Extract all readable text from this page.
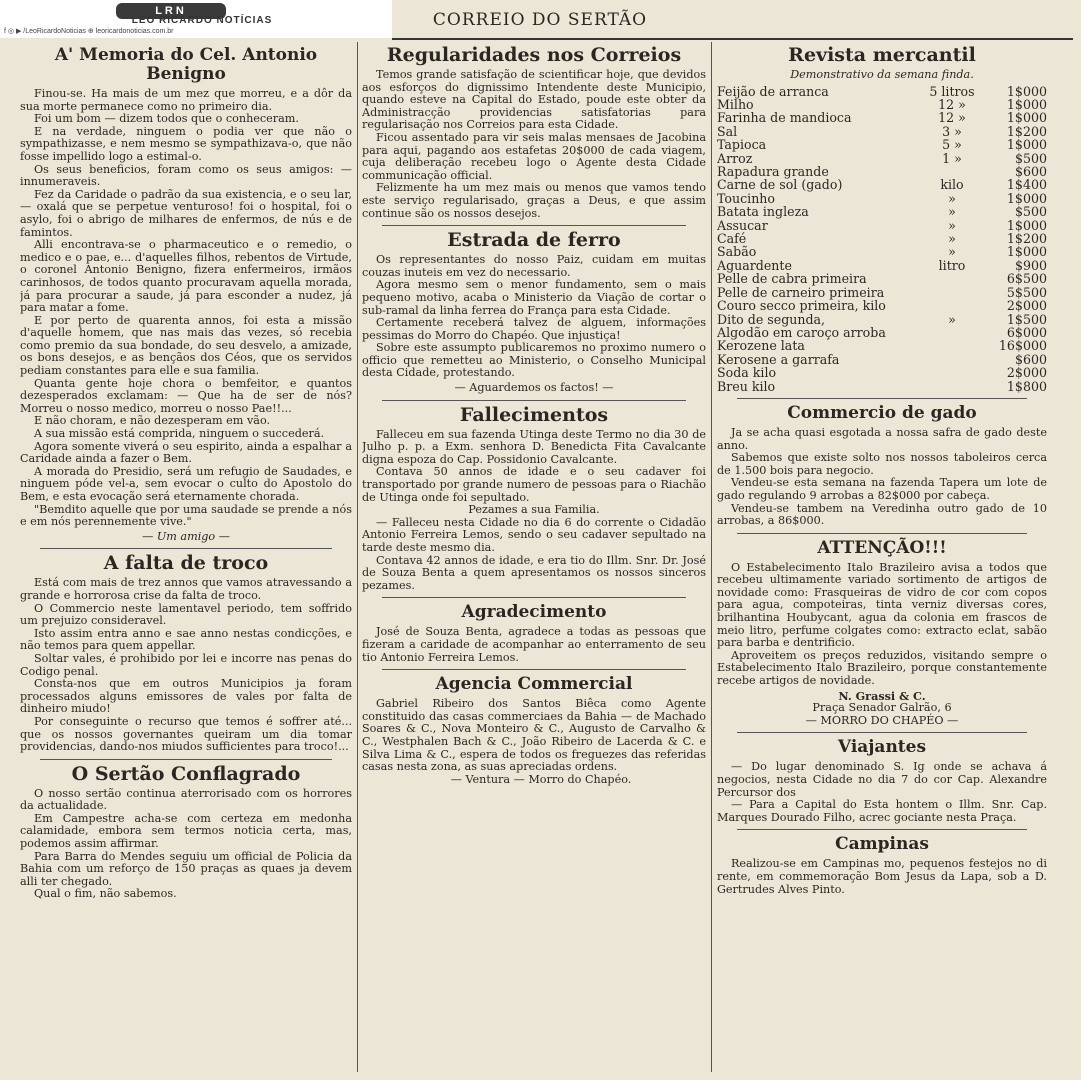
LRN
LÉO RICARDO NOTÍCIAS
f ◎ ▶ /LeoRicardoNoticias ⊕ leoricardonoticias.com.br
CORREIO DO SERTÃO
A' Memoria do Cel. Antonio Benigno

Finou-se. Ha mais de um mez que morreu, e a dôr da sua morte permanece como no primeiro dia.

Foi um bom — dizem todos que o conheceram.

E na verdade, ninguem o podia ver que não o sympathizasse, e nem mesmo se sympathizava-o, que não fosse impellido logo a estimal-o.

Os seus beneficios, foram como os seus amigos: — innumeraveis.

Fez da Caridade o padrão da sua existencia, e o seu lar, — oxalá que se perpetue venturoso! foi o hospital, foi o asylo, foi o abrigo de milhares de enfermos, de nús e de famintos.

Alli encontrava-se o pharmaceutico e o remedio, o medico e o pae, e... d'aquelles filhos, rebentos de Virtude, o coronel Antonio Benigno, fizera enfermeiros, irmãos carinhosos, de todos quanto procuravam aquella morada, já para procurar a saude, já para esconder a nudez, já para matar a fome.

E por perto de quarenta annos, foi esta a missão d'aquelle homem, que nas mais das vezes, só recebia como premio da sua bondade, do seu desvelo, a amizade, os bons desejos, e as bençãos dos Céos, que os servidos pediam constantes para elle e sua familia.

Quanta gente hoje chora o bemfeitor, e quantos dezesperados exclamam: — Que ha de ser de nós? Morreu o nosso medico, morreu o nosso Pae!!...

E não choram, e não dezesperam em vão.

A sua missão está comprida, ninguem o succederá.

Agora somente viverá o seu espirito, ainda a espalhar a Caridade ainda a fazer o Bem.

A morada do Presidio, será um refugio de Saudades, e ninguem póde vel-a, sem evocar o culto do Apostolo do Bem, e esta evocação será eternamente chorada.

"Bemdito aquelle que por uma saudade se prende a nós e em nós perennemente vive."

— Um amigo —
A falta de troco

Está com mais de trez annos que vamos atravessando a grande e horrorosa crise da falta de troco.

O Commercio neste lamentavel periodo, tem soffrido um prejuizo consideravel.

Isto assim entra anno e sae anno nestas condicções, e não temos para quem appellar.

Soltar vales, é prohibido por lei e incorre nas penas do Codigo penal.

Consta-nos que em outros Municipios ja foram processados alguns emissores de vales por falta de dinheiro miudo!

Por conseguinte o recurso que temos é soffrer até... que os nossos governantes queiram um dia tomar providencias, dando-nos miudos sufficientes para troco!...

O Sertão Conflagrado

O nosso sertão continua aterrorisado com os horrores da actualidade.

Em Campestre acha-se com certeza em medonha calamidade, embora sem termos noticia certa, mas, podemos assim affirmar.

Para Barra do Mendes seguiu um official de Policia da Bahia com um reforço de 150 praças as quaes ja devem alli ter chegado.

Qual o fim, não sabemos.

Regularidades nos Correios

Temos grande satisfação de scientificar hoje, que devidos aos esforços do dignissimo Intendente deste Municipio, quando esteve na Capital do Estado, poude este obter da Administracção providencias satisfatorias para regularisação nos Correios para esta Cidade.

Ficou assentado para vir seis malas mensaes de Jacobina para aqui, pagando aos estafetas 20$000 de cada viagem, cuja deliberação recebeu logo o Agente desta Cidade communicação official.

Felizmente ha um mez mais ou menos que vamos tendo este serviço regularisado, graças a Deus, e que assim continue são os nossos desejos.

Estrada de ferro

Os representantes do nosso Paiz, cuidam em muitas couzas inuteis em vez do necessario.

Agora mesmo sem o menor fundamento, sem o mais pequeno motivo, acaba o Ministerio da Viação de cortar o sub-ramal da linha ferrea do França para esta Cidade.

Certamente receberá talvez de alguem, informações pessimas do Morro do Chapéo. Que injustiça!

Sobre este assumpto publicaremos no proximo numero o officio que remetteu ao Ministerio, o Conselho Municipal desta Cidade, protestando.

— Aguardemos os factos! —
Fallecimentos

Falleceu em sua fazenda Utinga deste Termo no dia 30 de Julho p. p. a Exm. senhora D. Benedicta Fita Cavalcante digna espoza do Cap. Possidonio Cavalcante.

Contava 50 annos de idade e o seu cadaver foi transportado por grande numero de pessoas para o Riachão de Utinga onde foi sepultado.

Pezames a sua Familia.

— Falleceu nesta Cidade no dia 6 do corrente o Cidadão Antonio Ferreira Lemos, sendo o seu cadaver sepultado na tarde deste mesmo dia.

Contava 42 annos de idade, e era tio do Illm. Snr. Dr. José de Souza Benta a quem apresentamos os nossos sinceros pezames.

Agradecimento

José de Souza Benta, agradece a todas as pessoas que fizeram a caridade de acompanhar ao enterramento de seu tio Antonio Ferreira Lemos.

Agencia Commercial

Gabriel Ribeiro dos Santos Biêca como Agente constituido das casas commerciaes da Bahia — de Machado Soares & C., Nova Monteiro & C., Augusto de Carvalho & C., Westphalen Bach & C., João Ribeiro de Lacerda & C. e Silva Lima & C., espera de todos os freguezes das referidas casas nesta zona, as suas apreciadas ordens.

— Ventura — Morro do Chapéo.

Revista mercantil
Demonstrativo da semana finda.
Feijão de arranca	5 litros	1$000
Milho	12 »	1$000
Farinha de mandioca	12 »	1$000
Sal	3 »	1$200
Tapioca	5 »	1$000
Arroz	1 »	$500
Rapadura grande		$600
Carne de sol (gado)	kilo	1$400
Toucinho	»	1$000
Batata ingleza	»	$500
Assucar	»	1$000
Café	»	1$200
Sabão	»	1$000
Aguardente	litro	$900
Pelle de cabra primeira		6$500
Pelle de carneiro primeira		5$500
Couro secco primeira, kilo		2$000
Dito de segunda,	»	1$500
Algodão em caroço arroba		6$000
Kerozene lata		16$000
Kerosene a garrafa		$600
Soda kilo		2$000
Breu kilo		1$800
Commercio de gado

Ja se acha quasi esgotada a nossa safra de gado deste anno.

Sabemos que existe solto nos nossos taboleiros cerca de 1.500 bois para negocio.

Vendeu-se esta semana na fazenda Tapera um lote de gado regulando 9 arrobas a 82$000 por cabeça.

Vendeu-se tambem na Veredinha outro gado de 10 arrobas, a 86$000.

ATTENÇÃO!!!

O Estabelecimento Italo Brazileiro avisa a todos que recebeu ultimamente variado sortimento de artigos de novidade como: Frasqueiras de vidro de cor com copos para agua, compoteiras, tinta verniz diversas cores, brilhantina Houbycant, agua da colonia em frascos de meio litro, perfume colgates como: extracto eclat, sabão para barba e dentrificio.

Aproveitem os preços reduzidos, visitando sempre o Estabelecimento Italo Brazileiro, porque constantemente recebe artigos de novidade.

N. Grassi & C.
Praça Senador Galrão, 6
— MORRO DO CHAPÉO —
Viajantes

— Do lugar denominado S. Ig onde se achava á negocios, nesta Cidade no dia 7 do cor Cap. Alexandre Percursor dos

— Para a Capital do Esta hontem o Illm. Snr. Cap. Marques Dourado Filho, acrec gociante nesta Praça.

Campinas

Realizou-se em Campinas mo, pequenos festejos no di rente, em commemoração Bom Jesus da Lapa, sob a D. Gertrudes Alves Pinto.
